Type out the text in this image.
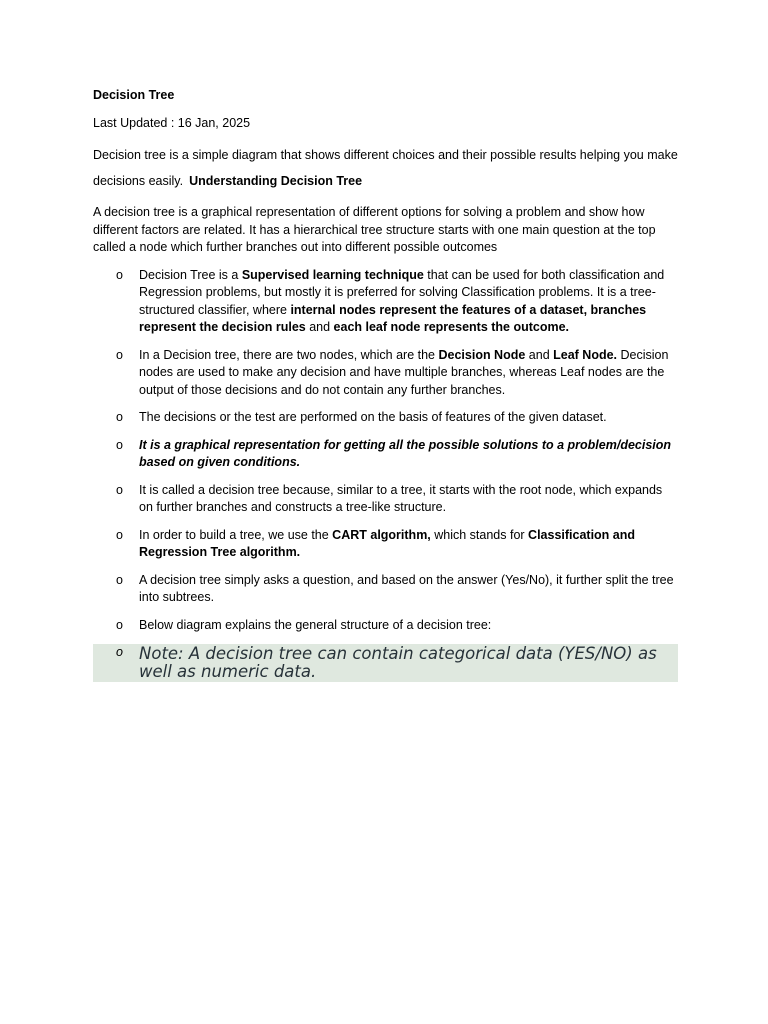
Decision Tree

Last Updated : 16 Jan, 2025

Decision tree is a simple diagram that shows different choices and their possible results helping you make decisions easily. Understanding Decision Tree

A decision tree is a graphical representation of different options for solving a problem and show how different factors are related. It has a hierarchical tree structure starts with one main question at the top called a node which further branches out into different possible outcomes

o Decision Tree is a Supervised learning technique that can be used for both classification and Regression problems, but mostly it is preferred for solving Classification problems. It is a tree-structured classifier, where internal nodes represent the features of a dataset, branches represent the decision rules and each leaf node represents the outcome.
o In a Decision tree, there are two nodes, which are the Decision Node and Leaf Node. Decision nodes are used to make any decision and have multiple branches, whereas Leaf nodes are the output of those decisions and do not contain any further branches.
o The decisions or the test are performed on the basis of features of the given dataset.
o It is a graphical representation for getting all the possible solutions to a problem/decision based on given conditions.
o It is called a decision tree because, similar to a tree, it starts with the root node, which expands on further branches and constructs a tree-like structure.
o In order to build a tree, we use the CART algorithm, which stands for Classification and Regression Tree algorithm.
o A decision tree simply asks a question, and based on the answer (Yes/No), it further split the tree into subtrees.
o Below diagram explains the general structure of a decision tree:
o Note: A decision tree can contain categorical data (YES/NO) as well as numeric data.
